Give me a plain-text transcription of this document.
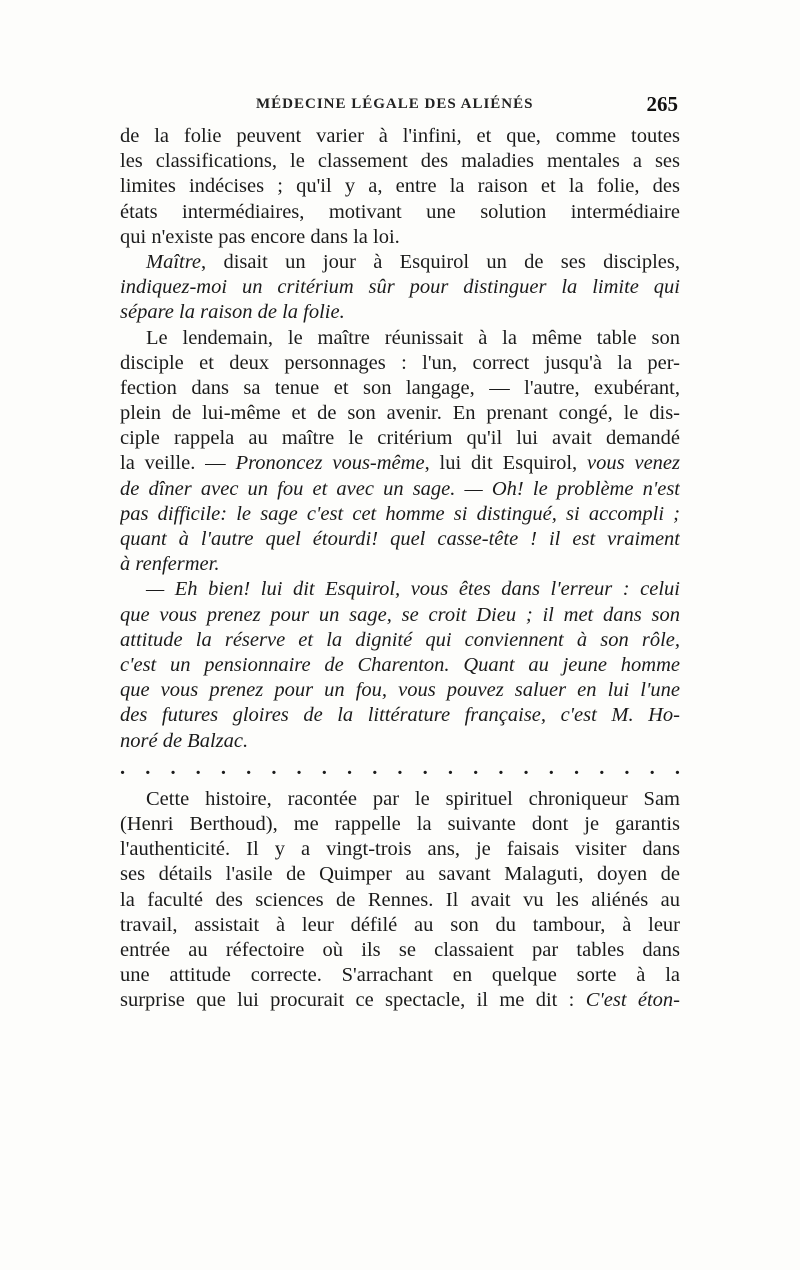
MÉDECINE LÉGALE DES ALIÉNÉS	265
de la folie peuvent varier à l'infini, et que, comme toutes
les classifications, le classement des maladies mentales a ses
limites indécises ; qu'il y a, entre la raison et la folie, des
états intermédiaires, motivant une solution intermédiaire
qui n'existe pas encore dans la loi.
Maître, disait un jour à Esquirol un de ses disciples,
indiquez-moi un critérium sûr pour distinguer la limite qui
sépare la raison de la folie.
Le lendemain, le maître réunissait à la même table son
disciple et deux personnages : l'un, correct jusqu'à la per-
fection dans sa tenue et son langage, — l'autre, exubérant,
plein de lui-même et de son avenir. En prenant congé, le dis-
ciple rappela au maître le critérium qu'il lui avait demandé
la veille. — Prononcez vous-même, lui dit Esquirol, vous venez
de dîner avec un fou et avec un sage. — Oh! le problème n'est
pas difficile: le sage c'est cet homme si distingué, si accompli ;
quant à l'autre quel étourdi! quel casse-tête ! il est vraiment
à renfermer.
— Eh bien! lui dit Esquirol, vous êtes dans l'erreur : celui
que vous prenez pour un sage, se croit Dieu ; il met dans son
attitude la réserve et la dignité qui conviennent à son rôle,
c'est un pensionnaire de Charenton. Quant au jeune homme
que vous prenez pour un fou, vous pouvez saluer en lui l'une
des futures gloires de la littérature française, c'est M. Ho-
noré de Balzac.
. . . . . . . . . . . . . . . . . . . . . . .
Cette histoire, racontée par le spirituel chroniqueur Sam
(Henri Berthoud), me rappelle la suivante dont je garantis
l'authenticité. Il y a vingt-trois ans, je faisais visiter dans
ses détails l'asile de Quimper au savant Malaguti, doyen de
la faculté des sciences de Rennes. Il avait vu les aliénés au
travail, assistait à leur défilé au son du tambour, à leur
entrée au réfectoire où ils se classaient par tables dans
une attitude correcte. S'arrachant en quelque sorte à la
surprise que lui procurait ce spectacle, il me dit : C'est éton-
